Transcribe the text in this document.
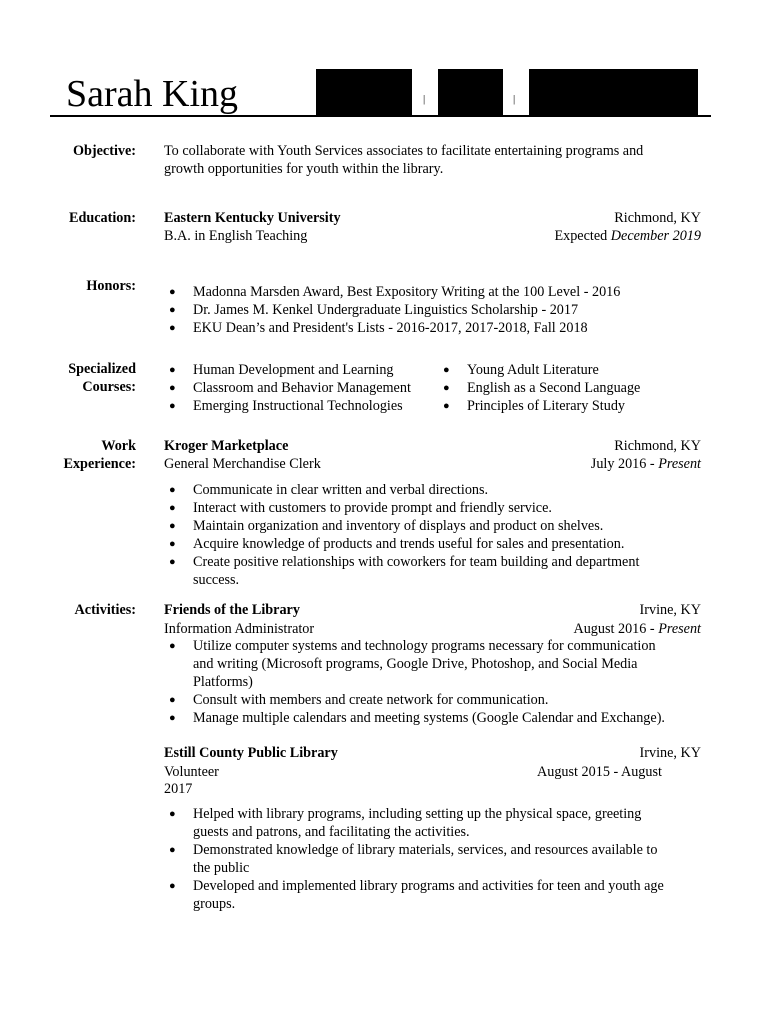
Sarah King	|	|
Objective: To collaborate with Youth Services associates to facilitate entertaining programs and
growth opportunities for youth within the library.
Education: Eastern Kentucky University	Richmond, KY
B.A. in English Teaching	Expected December 2019
Honors:
●	Madonna Marsden Award, Best Expository Writing at the 100 Level - 2016
● Dr. James M. Kenkel Undergraduate Linguistics Scholarship - 2017
● EKU Dean’s and President's Lists - 2016-2017, 2017-2018, Fall 2018
Specialized
Courses:
● Human Development and Learning
● Classroom and Behavior Management
● Emerging Instructional Technologies
● Young Adult Literature
● English as a Second Language
● Principles of Literary Study
Work
Experience:
Kroger Marketplace	Richmond, KY
General Merchandise Clerk	July 2016 - Present
● Communicate in clear written and verbal directions.
● Interact with customers to provide prompt and friendly service.
● Maintain organization and inventory of displays and product on shelves.
● Acquire knowledge of products and trends useful for sales and presentation.
● Create positive relationships with coworkers for team building and department
success.
Activities: Friends of the Library	Irvine, KY
Information Administrator	August 2016 - Present
● Utilize computer systems and technology programs necessary for communication
and writing (Microsoft programs, Google Drive, Photoshop, and Social Media
Platforms)
● Consult with members and create network for communication.
● Manage multiple calendars and meeting systems (Google Calendar and Exchange).
Estill County Public Library	Irvine, KY
Volunteer	August 2015 - August
2017
● Helped with library programs, including setting up the physical space, greeting
guests and patrons, and facilitating the activities.
● Demonstrated knowledge of library materials, services, and resources available to
the public
● Developed and implemented library programs and activities for teen and youth age
groups.
